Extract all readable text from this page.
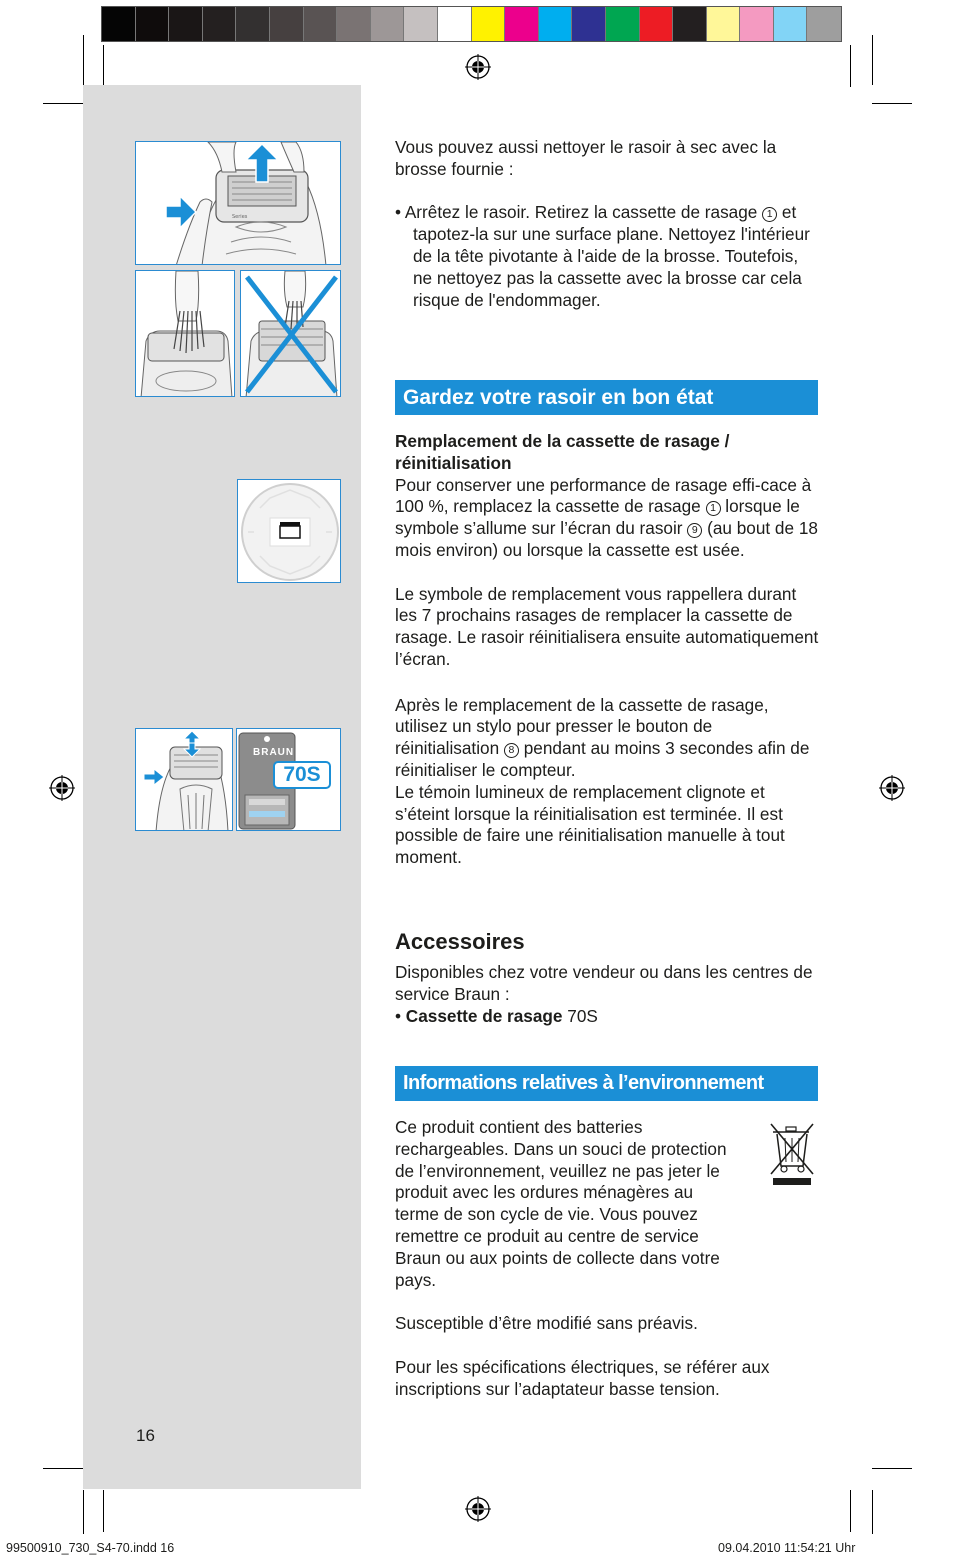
Series
BRAUN
70S

Vous pouvez aussi nettoyer le rasoir à sec avec la brosse fournie :

• Arrêtez le rasoir. Retirez la cassette de rasage 1 et tapotez-la sur une surface plane. Nettoyez l'intérieur de la tête pivotante à l'aide de la brosse. Toutefois, ne nettoyez pas la cassette avec la brosse car cela risque de l'endommager.

Gardez votre rasoir en bon état

Remplacement de la cassette de rasage / réinitialisation

Pour conserver une performance de rasage effi-cace à 100 %, remplacez la cassette de rasage 1 lorsque le symbole s’allume sur l’écran du rasoir 9 (au bout de 18 mois environ) ou lorsque la cassette est usée.

Le symbole de remplacement vous rappellera durant les 7 prochains rasages de remplacer la cassette de rasage. Le rasoir réinitialisera ensuite automatiquement l’écran.

Après le remplacement de la cassette de rasage, utilisez un stylo pour presser le bouton de réinitialisation 8 pendant au moins 3 secondes afin de réinitialiser le compteur.

Le témoin lumineux de remplacement clignote et s’éteint lorsque la réinitialisation est terminée. Il est possible de faire une réinitialisation manuelle à tout moment.

Accessoires

Disponibles chez votre vendeur ou dans les centres de service Braun :

• Cassette de rasage 70S

Informations relatives à l’environnement

Ce produit contient des batteries rechargeables. Dans un souci de protection de l’environnement, veuillez ne pas jeter le produit avec les ordures ménagères au terme de son cycle de vie. Vous pouvez remettre ce produit au centre de service Braun ou aux points de collecte dans votre pays.

Susceptible d’être modifié sans préavis.

Pour les spécifications électriques, se référer aux inscriptions sur l’adaptateur basse tension.

16
99500910_730_S4-70.indd 16	09.04.2010 11:54:21 Uhr
